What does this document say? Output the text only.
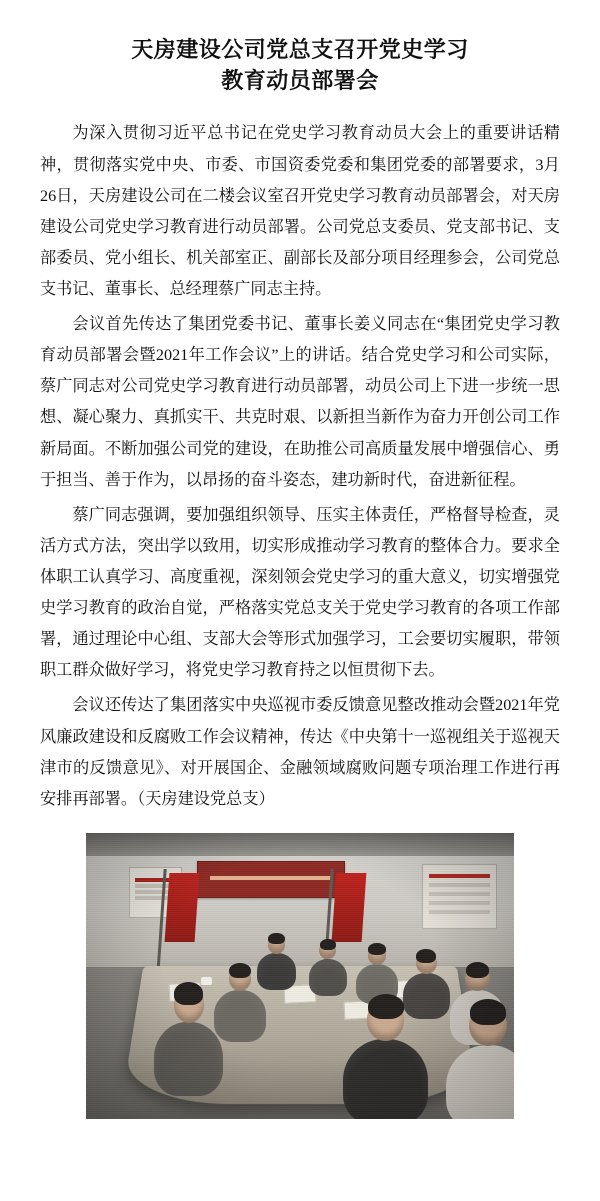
天房建设公司党总支召开党史学习
教育动员部署会

为深入贯彻习近平总书记在党史学习教育动员大会上的重要讲话精神，贯彻落实党中央、市委、市国资委党委和集团党委的部署要求，3月26日，天房建设公司在二楼会议室召开党史学习教育动员部署会，对天房建设公司党史学习教育进行动员部署。公司党总支委员、党支部书记、支部委员、党小组长、机关部室正、副部长及部分项目经理参会，公司党总支书记、董事长、总经理蔡广同志主持。

会议首先传达了集团党委书记、董事长姜义同志在“集团党史学习教育动员部署会暨2021年工作会议”上的讲话。结合党史学习和公司实际，蔡广同志对公司党史学习教育进行动员部署，动员公司上下进一步统一思想、凝心聚力、真抓实干、共克时艰、以新担当新作为奋力开创公司工作新局面。不断加强公司党的建设，在助推公司高质量发展中增强信心、勇于担当、善于作为，以昂扬的奋斗姿态，建功新时代，奋进新征程。

蔡广同志强调，要加强组织领导、压实主体责任，严格督导检查，灵活方式方法，突出学以致用，切实形成推动学习教育的整体合力。要求全体职工认真学习、高度重视，深刻领会党史学习的重大意义，切实增强党史学习教育的政治自觉，严格落实党总支关于党史学习教育的各项工作部署，通过理论中心组、支部大会等形式加强学习，工会要切实履职，带领职工群众做好学习，将党史学习教育持之以恒贯彻下去。

会议还传达了集团落实中央巡视市委反馈意见整改推动会暨2021年党风廉政建设和反腐败工作会议精神，传达《中央第十一巡视组关于巡视天津市的反馈意见》、对开展国企、金融领域腐败问题专项治理工作进行再安排再部署。（天房建设党总支）
